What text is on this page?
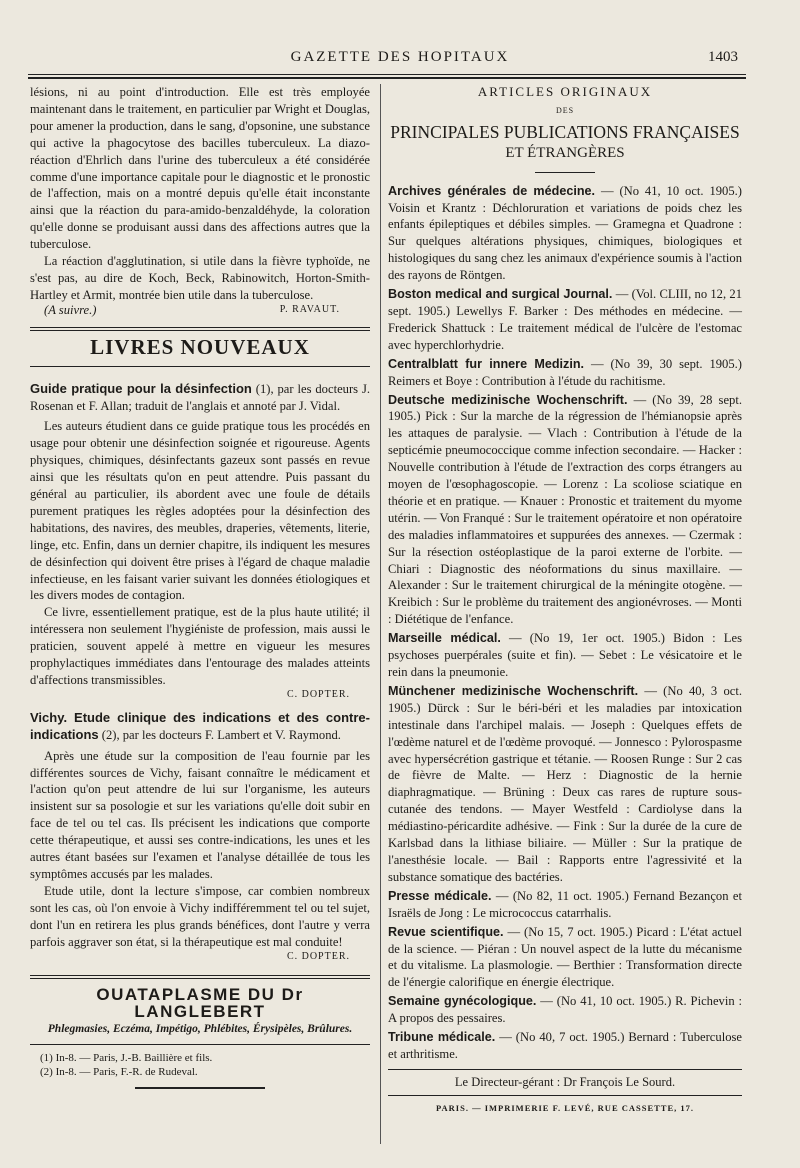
GAZETTE DES HOPITAUX	1403

lésions, ni au point d'introduction. Elle est très employée maintenant dans le traitement, en particulier par Wright et Douglas, pour amener la production, dans le sang, d'opsonine, une substance qui active la phagocytose des bacilles tuberculeux. La diazo-réaction d'Ehrlich dans l'urine des tuberculeux a été considérée comme d'une importance capitale pour le diagnostic et le pronostic de l'affection, mais on a montré depuis qu'elle était inconstante ainsi que la réaction du para-amido-benzaldéhyde, la coloration qu'elle donne se produisant aussi dans des affections autres que la tuberculose.

La réaction d'agglutination, si utile dans la fièvre typhoïde, ne s'est pas, au dire de Koch, Beck, Rabinowitch, Horton-Smith-Hartley et Armit, montrée bien utile dans la tuberculose.

(A suivre.)	P. RAVAUT.
LIVRES NOUVEAUX

Guide pratique pour la désinfection (1), par les docteurs J. Rosenan et F. Allan; traduit de l'anglais et annoté par J. Vidal.

Les auteurs étudient dans ce guide pratique tous les procédés en usage pour obtenir une désinfection soignée et rigoureuse. Agents physiques, chimiques, désinfectants gazeux sont passés en revue ainsi que les résultats qu'on en peut attendre. Puis passant du général au particulier, ils abordent avec une foule de détails purement pratiques les règles adoptées pour la désinfection des habitations, des navires, des meubles, draperies, vêtements, literie, linge, etc. Enfin, dans un dernier chapitre, ils indiquent les mesures de désinfection qui doivent être prises à l'égard de chaque maladie infectieuse, en les faisant varier suivant les données étiologiques et les divers modes de contagion.

Ce livre, essentiellement pratique, est de la plus haute utilité; il intéressera non seulement l'hygiéniste de profession, mais aussi le praticien, souvent appelé à mettre en vigueur les mesures prophylactiques immédiates dans l'entourage des malades atteints d'affections transmissibles.

C. DOPTER.

Vichy. Etude clinique des indications et des contre-indications (2), par les docteurs F. Lambert et V. Raymond.

Après une étude sur la composition de l'eau fournie par les différentes sources de Vichy, faisant connaître le médicament et l'action qu'on peut attendre de lui sur l'organisme, les auteurs insistent sur sa posologie et sur les variations qu'elle doit subir en face de tel ou tel cas. Ils précisent les indications que comporte cette thérapeutique, et aussi ses contre-indications, les unes et les autres étant basées sur l'examen et l'analyse détaillée de tous les symptômes accusés par les malades.

Etude utile, dont la lecture s'impose, car combien nombreux sont les cas, où l'on envoie à Vichy indifféremment tel ou tel sujet, dont l'un en retirera les plus grands bénéfices, dont l'autre y verra parfois aggraver son état, si la thérapeutique est mal conduite!

C. DOPTER.
OUATAPLASME DU Dr LANGLEBERT
Phlegmasies, Eczéma, Impétigo, Phlébites, Érysipèles, Brûlures.
(1) In-8. — Paris, J.-B. Baillière et fils.
(2) In-8. — Paris, F.-R. de Rudeval.
ARTICLES ORIGINAUX
DES
PRINCIPALES PUBLICATIONS FRANÇAISES
ET ÉTRANGÈRES

Archives générales de médecine. — (No 41, 10 oct. 1905.) Voisin et Krantz : Déchloruration et variations de poids chez les enfants épileptiques et débiles simples. — Gramegna et Quadrone : Sur quelques altérations physiques, chimiques, biologiques et histologiques du sang chez les animaux d'expérience soumis à l'action des rayons de Röntgen.

Boston medical and surgical Journal. — (Vol. CLIII, no 12, 21 sept. 1905.) Lewellys F. Barker : Des méthodes en médecine. — Frederick Shattuck : Le traitement médical de l'ulcère de l'estomac avec hyperchlorhydrie.

Centralblatt fur innere Medizin. — (No 39, 30 sept. 1905.) Reimers et Boye : Contribution à l'étude du rachitisme.

Deutsche medizinische Wochenschrift. — (No 39, 28 sept. 1905.) Pick : Sur la marche de la régression de l'hémianopsie après les attaques de paralysie. — Vlach : Contribution à l'étude de la septicémie pneumococcique comme infection secondaire. — Hacker : Nouvelle contribution à l'étude de l'extraction des corps étrangers au moyen de l'œsophagoscopie. — Lorenz : La scoliose sciatique en théorie et en pratique. — Knauer : Pronostic et traitement du myome utérin. — Von Franqué : Sur le traitement opératoire et non opératoire des maladies inflammatoires et suppurées des annexes. — Czermak : Sur la résection ostéoplastique de la paroi externe de l'orbite. — Chiari : Diagnostic des néoformations du sinus maxillaire. — Alexander : Sur le traitement chirurgical de la méningite otogène. — Kreibich : Sur le problème du traitement des angionévroses. — Monti : Diététique de l'enfance.

Marseille médical. — (No 19, 1er oct. 1905.) Bidon : Les psychoses puerpérales (suite et fin). — Sebet : Le vésicatoire et le rein dans la pneumonie.

Münchener medizinische Wochenschrift. — (No 40, 3 oct. 1905.) Dürck : Sur le béri-béri et les maladies par intoxication intestinale dans l'archipel malais. — Joseph : Quelques effets de l'œdème naturel et de l'œdème provoqué. — Jonnesco : Pylorospasme avec hypersécrétion gastrique et tétanie. — Roosen Runge : Sur 2 cas de fièvre de Malte. — Herz : Diagnostic de la hernie diaphragmatique. — Brüning : Deux cas rares de rupture sous-cutanée des tendons. — Mayer Westfeld : Cardiolyse dans la médiastino-péricardite adhésive. — Fink : Sur la durée de la cure de Karlsbad dans la lithiase biliaire. — Müller : Sur la pratique de l'anesthésie locale. — Bail : Rapports entre l'agressivité et la substance somatique des bactéries.

Presse médicale. — (No 82, 11 oct. 1905.) Fernand Bezançon et Israëls de Jong : Le micrococcus catarrhalis.

Revue scientifique. — (No 15, 7 oct. 1905.) Picard : L'état actuel de la science. — Piéran : Un nouvel aspect de la lutte du mécanisme et du vitalisme. La plasmologie. — Berthier : Transformation directe de l'énergie calorifique en énergie électrique.

Semaine gynécologique. — (No 41, 10 oct. 1905.) R. Pichevin : A propos des pessaires.

Tribune médicale. — (No 40, 7 oct. 1905.) Bernard : Tuberculose et arthritisme.

Le Directeur-gérant : Dr François Le Sourd.
PARIS. — IMPRIMERIE F. LEVÉ, RUE CASSETTE, 17.
